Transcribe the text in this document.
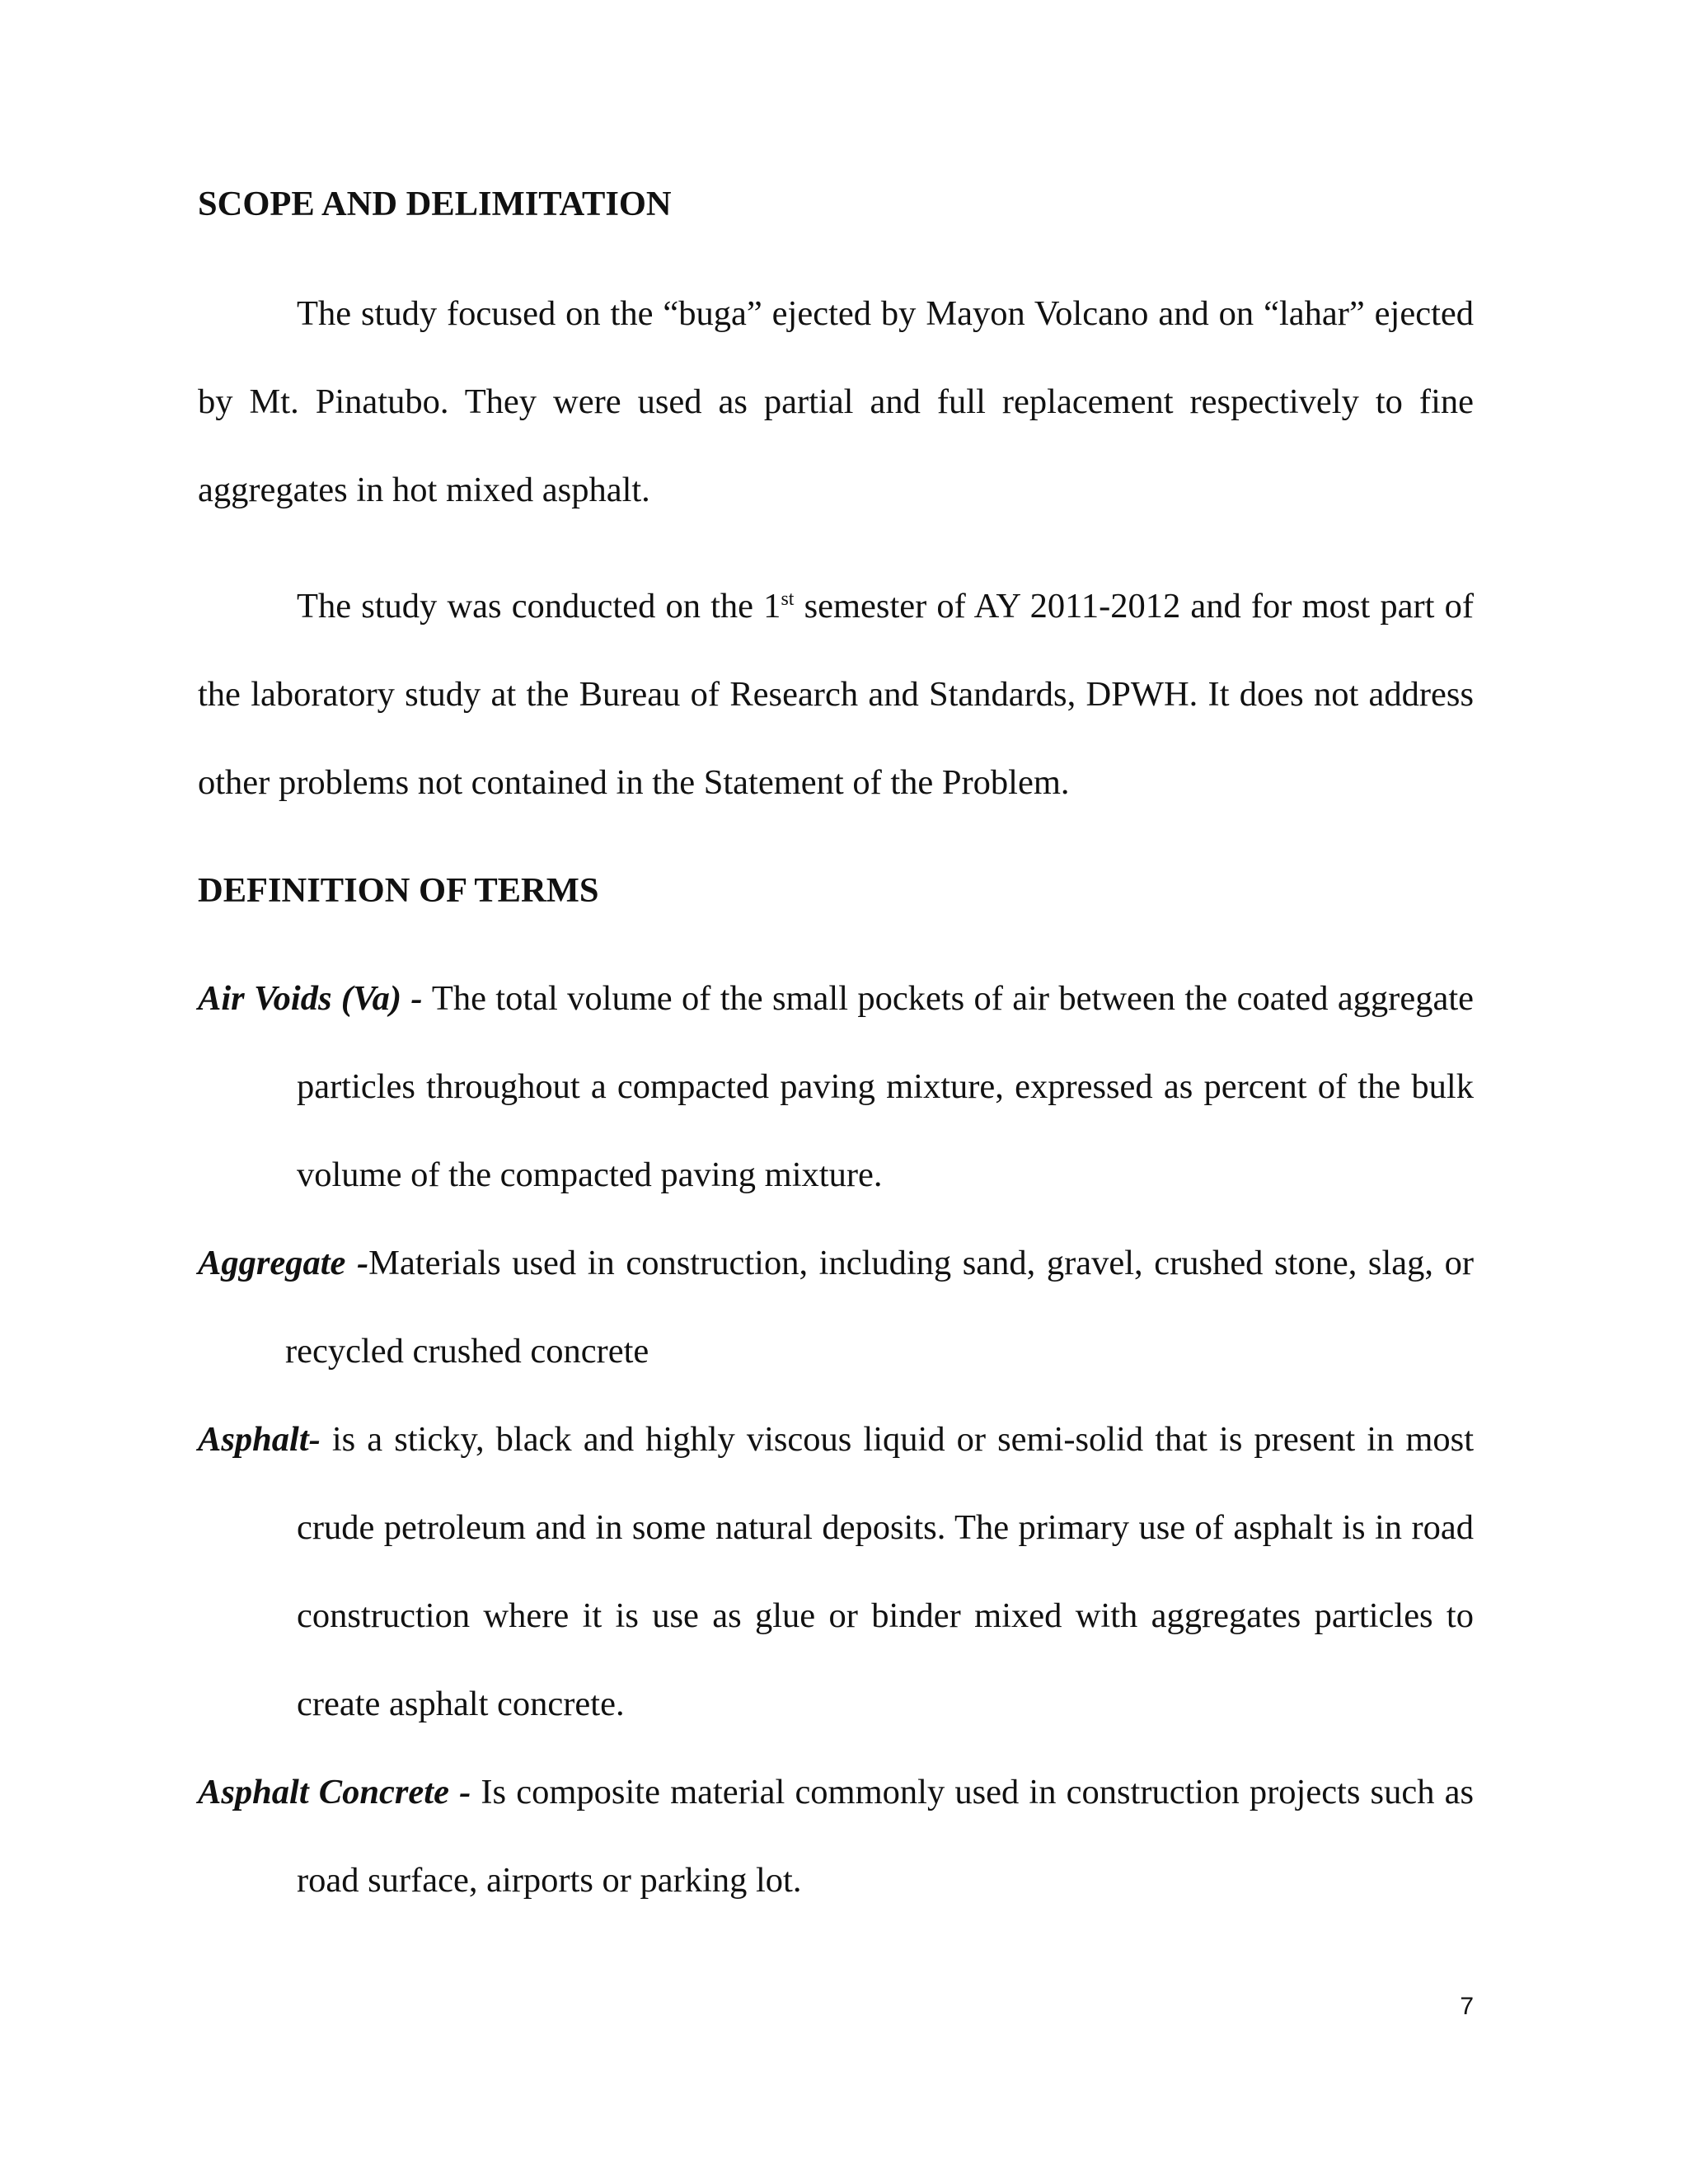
SCOPE AND DELIMITATION

The study focused on the “buga” ejected by Mayon Volcano and on “lahar” ejected by Mt. Pinatubo. They were used as partial and full replacement respectively to fine aggregates in hot mixed asphalt.

The study was conducted on the 1st semester of AY 2011-2012 and for most part of the laboratory study at the Bureau of Research and Standards, DPWH. It does not address other problems not contained in the Statement of the Problem.

DEFINITION OF TERMS

Air Voids (Va) - The total volume of the small pockets of air between the coated aggregate particles throughout a compacted paving mixture, expressed as percent of the bulk volume of the compacted paving mixture.

Aggregate -Materials used in construction, including sand, gravel, crushed stone, slag, or recycled crushed concrete

Asphalt- is a sticky, black and highly viscous liquid or semi-solid that is present in most crude petroleum and in some natural deposits. The primary use of asphalt is in road construction where it is use as glue or binder mixed with aggregates particles to create asphalt concrete.

Asphalt Concrete - Is composite material commonly used in construction projects such as road surface, airports or parking lot.

7
